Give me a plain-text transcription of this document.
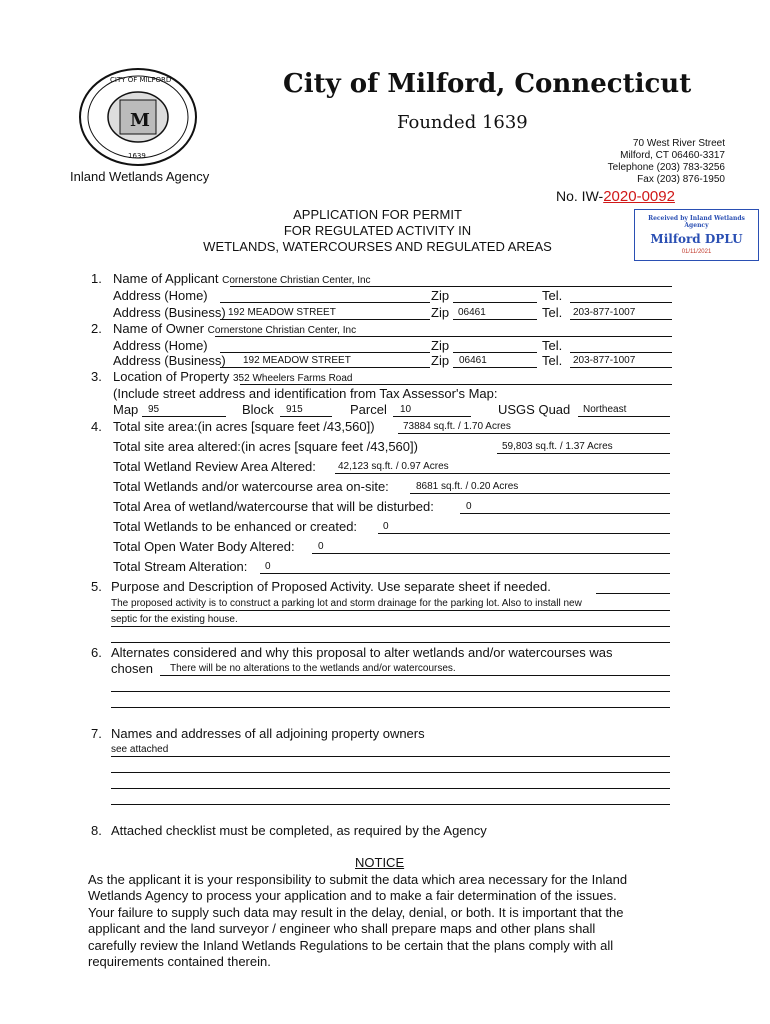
M
CITY OF MILFORD
1639
City of Milford, Connecticut
Founded 1639
Inland Wetlands Agency
70 West River Street
Milford, CT 06460-3317
Telephone (203) 783-3256
Fax (203) 876-1950
No. IW-2020-0092
Received by Inland Wetlands Agency
Milford DPLU
01/11/2021
APPLICATION FOR PERMIT
FOR REGULATED ACTIVITY IN
WETLANDS, WATERCOURSES AND REGULATED AREAS
1. Name of Applicant Cornerstone Christian Center, Inc
Address (Home)	Zip	Tel.
Address (Business) 192 MEADOW STREET	Zip 06461	Tel. 203-877-1007
2. Name of Owner Cornerstone Christian Center, Inc
Address (Home)	Zip	Tel.
Address (Business) 192 MEADOW STREET	Zip 06461	Tel. 203-877-1007
3. Location of Property 352 Wheelers Farms Road
(Include street address and identification from Tax Assessor's Map:
Map 95	Block 915	Parcel 10	USGS Quad Northeast
4. Total site area:(in acres [square feet /43,560])	73884 sq.ft. / 1.70 Acres
Total site area altered:(in acres [square feet /43,560])	59,803 sq.ft. / 1.37 Acres
Total Wetland Review Area Altered: 42,123 sq.ft. / 0.97 Acres
Total Wetlands and/or watercourse area on-site:	8681 sq.ft. / 0.20 Acres
Total Area of wetland/watercourse that will be disturbed:	0
Total Wetlands to be enhanced or created:	0
Total Open Water Body Altered: 0
Total Stream Alteration: 0
5. Purpose and Description of Proposed Activity. Use separate sheet if needed.
The proposed activity is to construct a parking lot and storm drainage for the parking lot. Also to install new
septic for the existing house.
6. Alternates considered and why this proposal to alter wetlands and/or watercourses was
chosen There will be no alterations to the wetlands and/or watercourses.
7. Names and addresses of all adjoining property owners
see attached
8. Attached checklist must be completed, as required by the Agency
NOTICE

As the applicant it is your responsibility to submit the data which area necessary for the Inland

Wetlands Agency to process your application and to make a fair determination of the issues.

Your failure to supply such data may result in the delay, denial, or both. It is important that the

applicant and the land surveyor / engineer who shall prepare maps and other plans shall

carefully review the Inland Wetlands Regulations to be certain that the plans comply with all

requirements contained therein.
